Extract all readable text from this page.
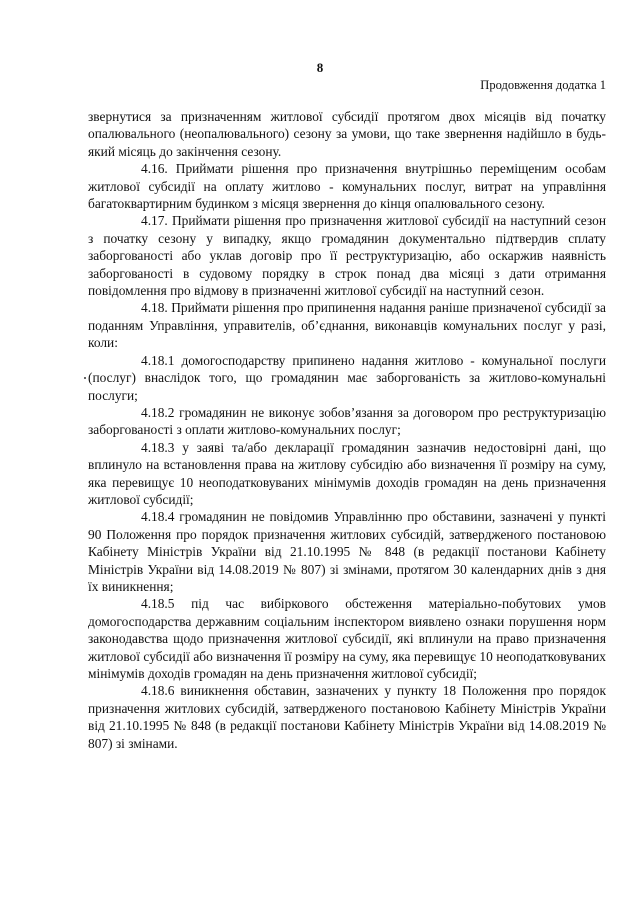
8
Продовження додатка 1

звернутися за призначенням житлової субсидії протягом двох місяців від початку опалювального (неопалювального) сезону за умови, що таке звернення надійшло в будь-який місяць до закінчення сезону.

4.16. Приймати рішення про призначення внутрішньо переміщеним особам житлової субсидії на оплату житлово - комунальних послуг, витрат на управління багатоквартирним будинком з місяця звернення до кінця опалювального сезону.

4.17. Приймати рішення про призначення житлової субсидії на наступний сезон з початку сезону у випадку, якщо громадянин документально підтвердив сплату заборгованості або уклав договір про її реструктуризацію, або оскаржив наявність заборгованості в судовому порядку в строк понад два місяці з дати отримання повідомлення про відмову в призначенні житлової субсидії на наступний сезон.

4.18. Приймати рішення про припинення надання раніше призначеної субсидії за поданням Управління, управителів, об’єднання, виконавців комунальних послуг у разі, коли:

4.18.1 домогосподарству припинено надання житлово - комунальної послуги (послуг) внаслідок того, що громадянин має заборгованість за житлово-комунальні послуги;

4.18.2 громадянин не виконує зобов’язання за договором про реструктуризацію заборгованості з оплати житлово-комунальних послуг;

4.18.3 у заяві та/або декларації громадянин зазначив недостовірні дані, що вплинуло на встановлення права на житлову субсидію або визначення її розміру на суму, яка перевищує 10 неоподатковуваних мінімумів доходів громадян на день призначення житлової субсидії;

4.18.4 громадянин не повідомив Управлінню про обставини, зазначені у пункті 90 Положення про порядок призначення житлових субсидій, затвердженого постановою Кабінету Міністрів України від 21.10.1995 № 848 (в редакції постанови Кабінету Міністрів України від 14.08.2019 № 807) зі змінами, протягом 30 календарних днів з дня їх виникнення;

4.18.5 під час вибіркового обстеження матеріально-побутових умов домогосподарства державним соціальним інспектором виявлено ознаки порушення норм законодавства щодо призначення житлової субсидії, які вплинули на право призначення житлової субсидії або визначення її розміру на суму, яка перевищує 10 неоподатковуваних мінімумів доходів громадян на день призначення житлової субсидії;

4.18.6 виникнення обставин, зазначених у пункту 18 Положення про порядок призначення житлових субсидій, затвердженого постановою Кабінету Міністрів України від 21.10.1995 № 848 (в редакції постанови Кабінету Міністрів України від 14.08.2019 № 807) зі змінами.
